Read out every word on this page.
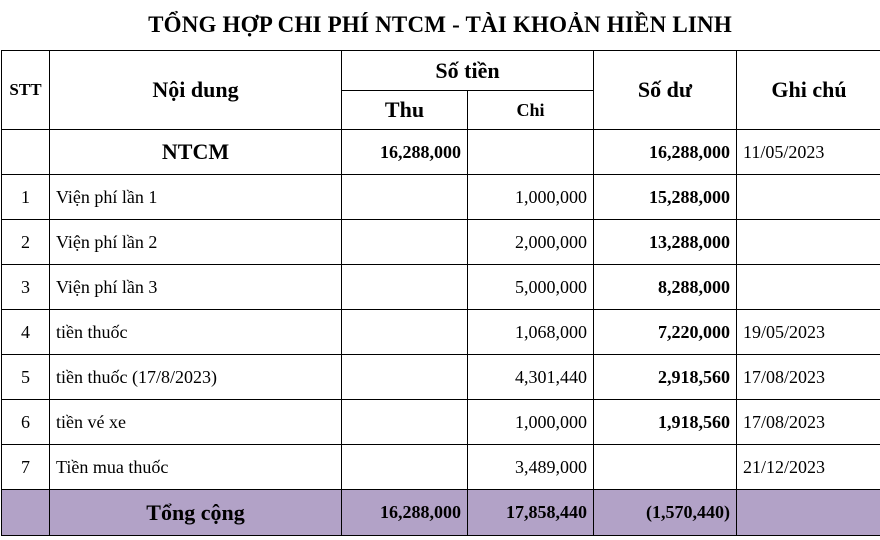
TỔNG HỢP CHI PHÍ NTCM - TÀI KHOẢN HIỀN LINH
STT	Nội dung	Số tiền		Số dư	Ghi chú
		Thu	Chi		
	NTCM	16,288,000		16,288,000	11/05/2023
1	Viện phí lần 1		1,000,000	15,288,000	
2	Viện phí lần 2		2,000,000	13,288,000	
3	Viện phí lần 3		5,000,000	8,288,000	
4	tiền thuốc		1,068,000	7,220,000	19/05/2023
5	tiền thuốc (17/8/2023)		4,301,440	2,918,560	17/08/2023
6	tiền vé xe		1,000,000	1,918,560	17/08/2023
7	Tiền mua thuốc		3,489,000		21/12/2023
	Tổng cộng	16,288,000	17,858,440	(1,570,440)	
